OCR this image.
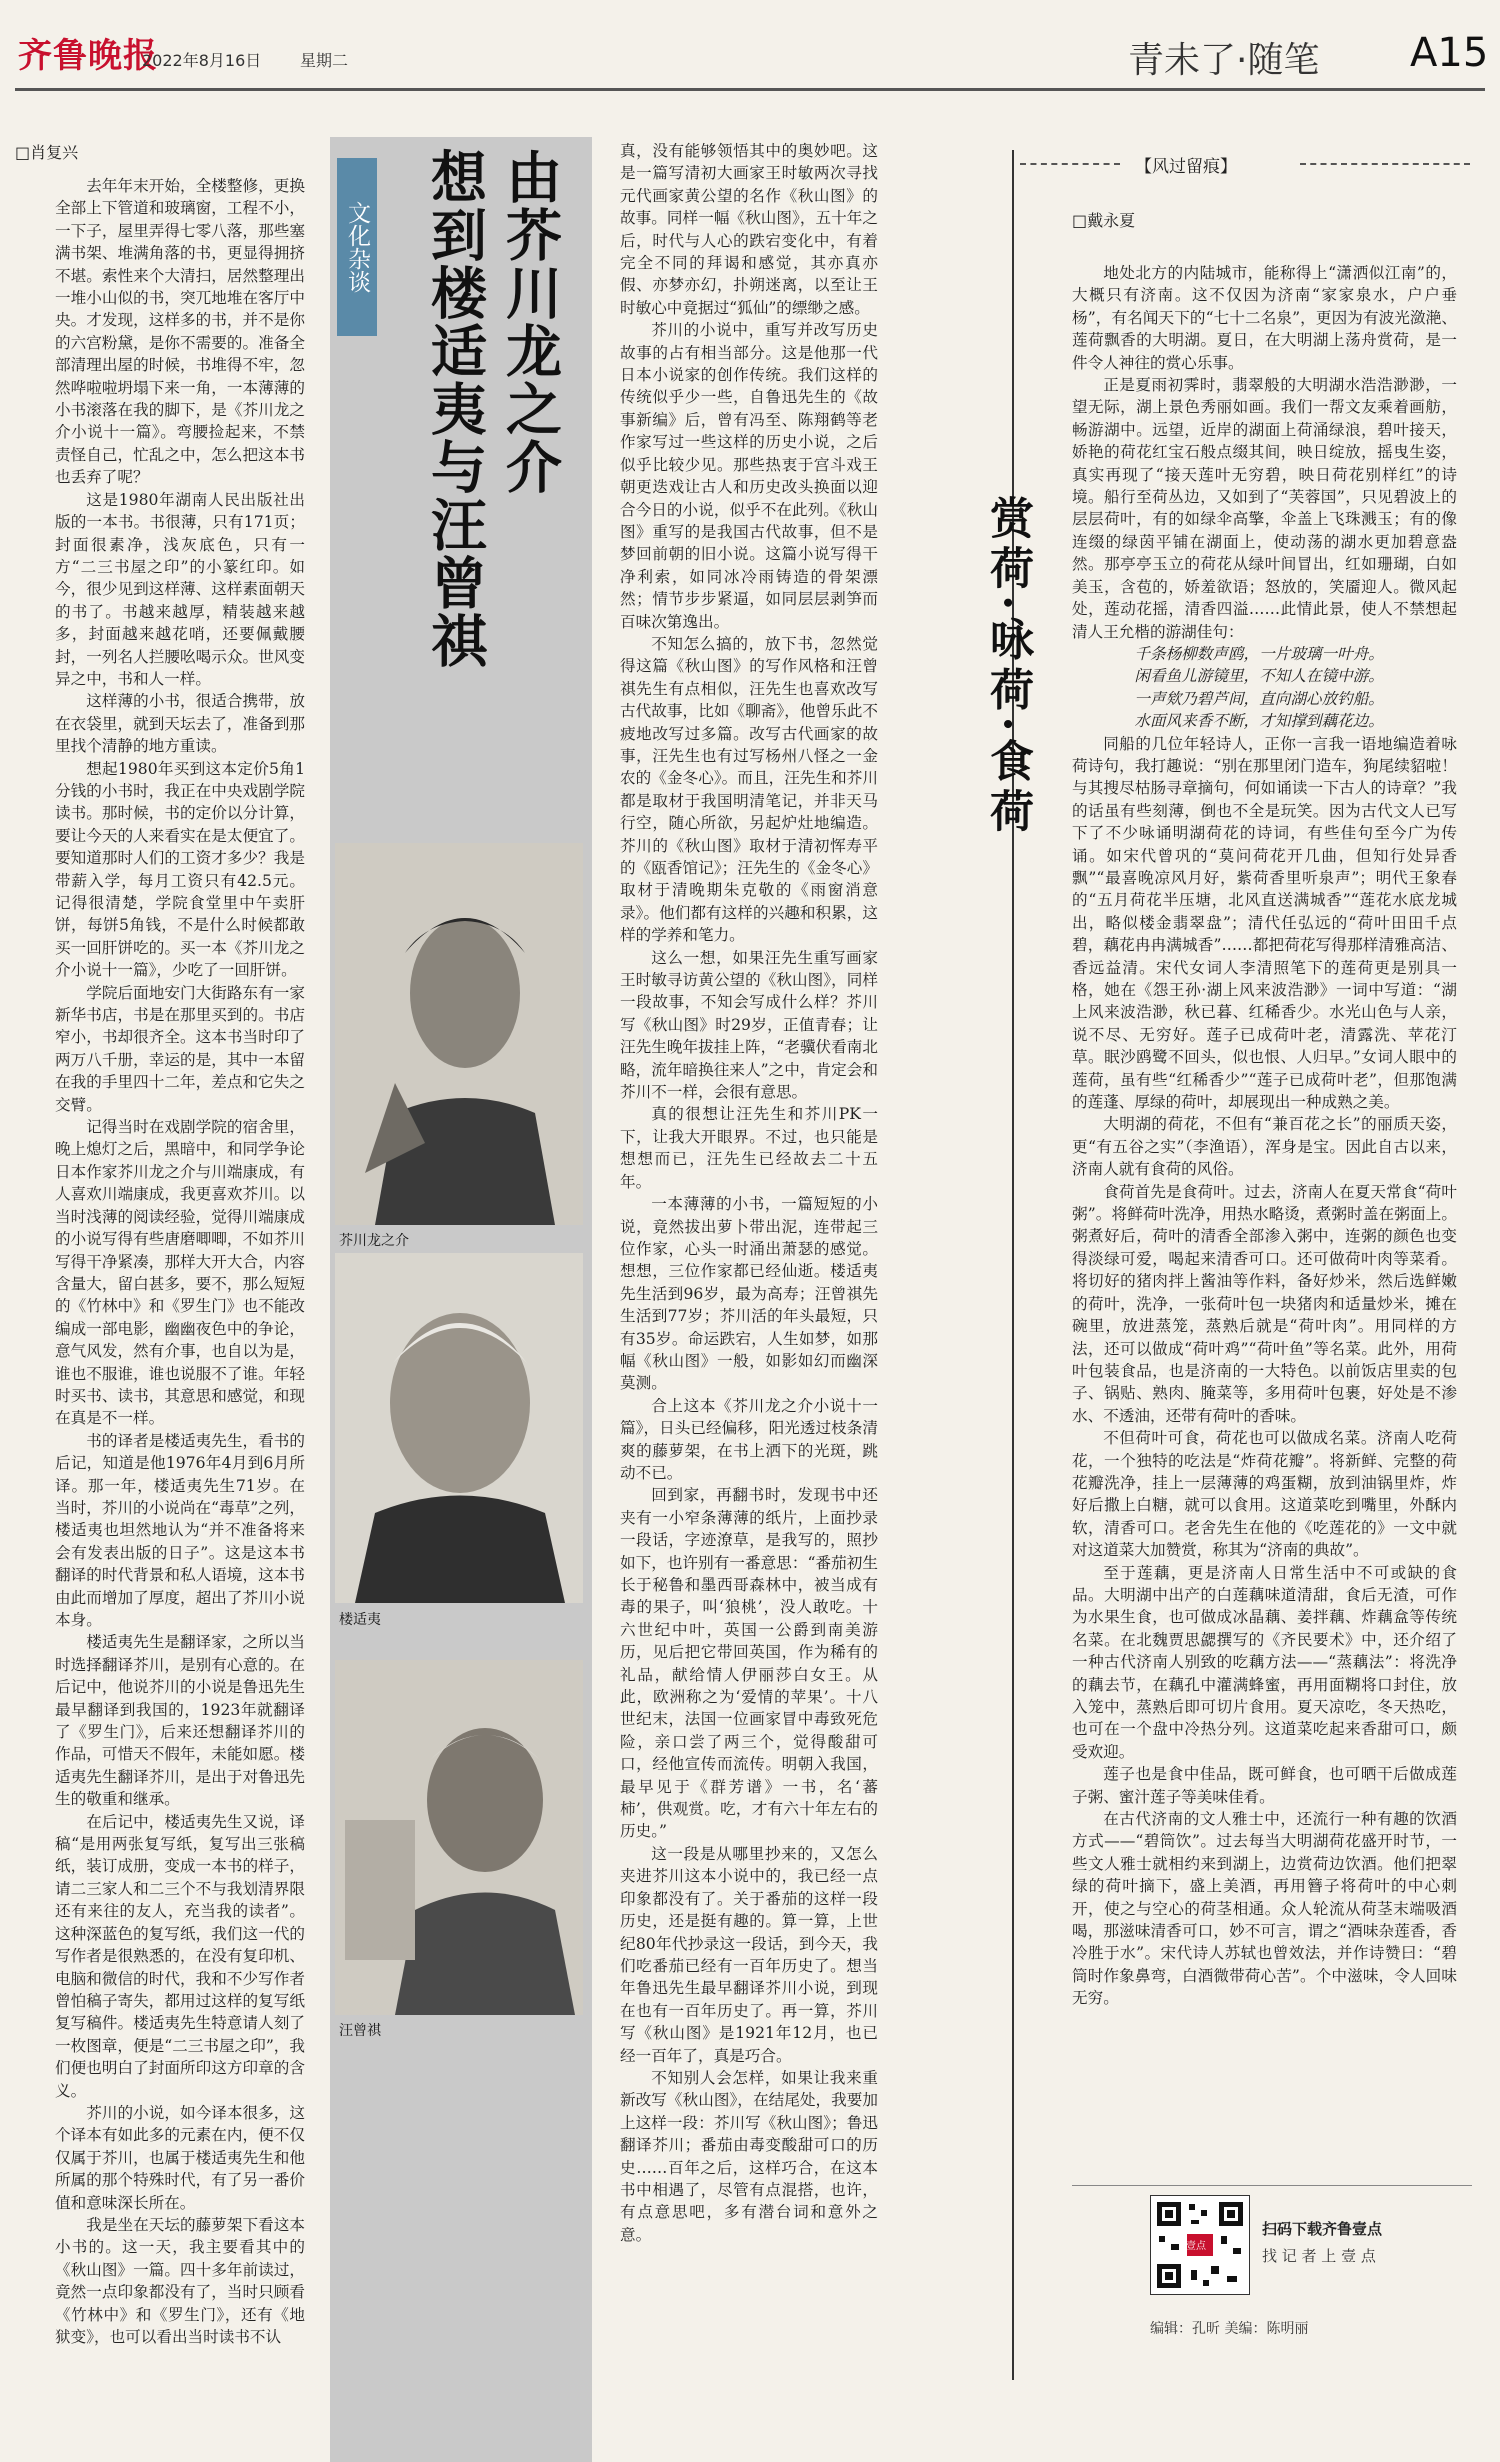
齐鲁晚报
2022年8月16日 星期二	青未了·随笔 A15
□肖复兴

去年年末开始，全楼整修，更换全部上下管道和玻璃窗，工程不小，一下子，屋里弄得七零八落，那些塞满书架、堆满角落的书，更显得拥挤不堪。索性来个大清扫，居然整理出一堆小山似的书，突兀地堆在客厅中央。才发现，这样多的书，并不是你的六宫粉黛，是你不需要的。准备全部清理出屋的时候，书堆得不牢，忽然哗啦啦坍塌下来一角，一本薄薄的小书滚落在我的脚下，是《芥川龙之介小说十一篇》。弯腰捡起来，不禁责怪自己，忙乱之中，怎么把这本书也丢弃了呢？

这是1980年湖南人民出版社出版的一本书。书很薄，只有171页；封面很素净，浅灰底色，只有一方“二三书屋之印”的小篆红印。如今，很少见到这样薄、这样素面朝天的书了。书越来越厚，精装越来越多，封面越来越花哨，还要佩戴腰封，一列名人拦腰吆喝示众。世风变异之中，书和人一样。

这样薄的小书，很适合携带，放在衣袋里，就到天坛去了，准备到那里找个清静的地方重读。

想起1980年买到这本定价5角1分钱的小书时，我正在中央戏剧学院读书。那时候，书的定价以分计算，要让今天的人来看实在是太便宜了。要知道那时人们的工资才多少？我是带薪入学，每月工资只有42.5元。记得很清楚，学院食堂里中午卖肝饼，每饼5角钱，不是什么时候都敢买一回肝饼吃的。买一本《芥川龙之介小说十一篇》，少吃了一回肝饼。

学院后面地安门大街路东有一家新华书店，书是在那里买到的。书店窄小，书却很齐全。这本书当时印了两万八千册，幸运的是，其中一本留在我的手里四十二年，差点和它失之交臂。

记得当时在戏剧学院的宿舍里，晚上熄灯之后，黑暗中，和同学争论日本作家芥川龙之介与川端康成，有人喜欢川端康成，我更喜欢芥川。以当时浅薄的阅读经验，觉得川端康成的小说写得有些唐磨唧唧，不如芥川写得干净紧凑，那样大开大合，内容含量大，留白甚多，要不，那么短短的《竹林中》和《罗生门》也不能改编成一部电影，幽幽夜色中的争论，意气风发，然有介事，也自以为是，谁也不服谁，谁也说服不了谁。年轻时买书、读书，其意思和感觉，和现在真是不一样。

书的译者是楼适夷先生，看书的后记，知道是他1976年4月到6月所译。那一年，楼适夷先生71岁。在当时，芥川的小说尚在“毒草”之列，楼适夷也坦然地认为“并不准备将来会有发表出版的日子”。这是这本书翻译的时代背景和私人语境，这本书由此而增加了厚度，超出了芥川小说本身。

楼适夷先生是翻译家，之所以当时选择翻译芥川，是别有心意的。在后记中，他说芥川的小说是鲁迅先生最早翻译到我国的，1923年就翻译了《罗生门》，后来还想翻译芥川的作品，可惜天不假年，未能如愿。楼适夷先生翻译芥川，是出于对鲁迅先生的敬重和继承。

在后记中，楼适夷先生又说，译稿“是用两张复写纸，复写出三张稿纸，装订成册，变成一本书的样子，请二三家人和二三个不与我划清界限还有来往的友人，充当我的读者”。这种深蓝色的复写纸，我们这一代的写作者是很熟悉的，在没有复印机、电脑和微信的时代，我和不少写作者曾怕稿子寄失，都用过这样的复写纸复写稿件。楼适夷先生特意请人刻了一枚图章，便是“二三书屋之印”，我们便也明白了封面所印这方印章的含义。

芥川的小说，如今译本很多，这个译本有如此多的元素在内，便不仅仅属于芥川，也属于楼适夷先生和他所属的那个特殊时代，有了另一番价值和意味深长所在。

我是坐在天坛的藤萝架下看这本小书的。这一天，我主要看其中的《秋山图》一篇。四十多年前读过，竟然一点印象都没有了，当时只顾看《竹林中》和《罗生门》，还有《地狱变》，也可以看出当时读书不认

文化杂谈 由芥川龙之介
想到楼适夷与汪曾祺
芥川龙之介
楼适夷
汪曾祺

真，没有能够领悟其中的奥妙吧。这是一篇写清初大画家王时敏两次寻找元代画家黄公望的名作《秋山图》的故事。同样一幅《秋山图》，五十年之后，时代与人心的跌宕变化中，有着完全不同的拜谒和感觉，其亦真亦假、亦梦亦幻，扑朔迷离，以至让王时敏心中竟据过“狐仙”的缥缈之感。

芥川的小说中，重写并改写历史故事的占有相当部分。这是他那一代日本小说家的创作传统。我们这样的传统似乎少一些，自鲁迅先生的《故事新编》后，曾有冯至、陈翔鹤等老作家写过一些这样的历史小说，之后似乎比较少见。那些热衷于宫斗戏王朝更迭戏让古人和历史改头换面以迎合今日的小说，似乎不在此列。《秋山图》重写的是我国古代故事，但不是梦回前朝的旧小说。这篇小说写得干净利索，如同冰冷雨铸造的骨架漂然；情节步步紧逼，如同层层剥笋而百味次第逸出。

不知怎么搞的，放下书，忽然觉得这篇《秋山图》的写作风格和汪曾祺先生有点相似，汪先生也喜欢改写古代故事，比如《聊斋》，他曾乐此不疲地改写过多篇。改写古代画家的故事，汪先生也有过写杨州八怪之一金农的《金冬心》。而且，汪先生和芥川都是取材于我国明清笔记，并非天马行空，随心所欲，另起炉灶地编造。芥川的《秋山图》取材于清初恽寿平的《瓯香馆记》；汪先生的《金冬心》取材于清晚期朱克敬的《雨窗消意录》。他们都有这样的兴趣和积累，这样的学养和笔力。

这么一想，如果汪先生重写画家王时敏寻访黄公望的《秋山图》，同样一段故事，不知会写成什么样？芥川写《秋山图》时29岁，正值青春；让汪先生晚年拔挂上阵，“老骥伏看南北略，流年暗换往来人”之中，肯定会和芥川不一样，会很有意思。

真的很想让汪先生和芥川PK一下，让我大开眼界。不过，也只能是想想而已，汪先生已经故去二十五年。

一本薄薄的小书，一篇短短的小说，竟然拔出萝卜带出泥，连带起三位作家，心头一时涌出萧瑟的感觉。想想，三位作家都已经仙逝。楼适夷先生活到96岁，最为高寿；汪曾祺先生活到77岁；芥川活的年头最短，只有35岁。命运跌宕，人生如梦，如那幅《秋山图》一般，如影如幻而幽深莫测。

合上这本《芥川龙之介小说十一篇》，日头已经偏移，阳光透过枝条清爽的藤萝架，在书上洒下的光斑，跳动不已。

回到家，再翻书时，发现书中还夹有一小窄条薄薄的纸片，上面抄录一段话，字迹潦草，是我写的，照抄如下，也许别有一番意思：“番茄初生长于秘鲁和墨西哥森林中，被当成有毒的果子，叫‘狼桃’，没人敢吃。十六世纪中叶，英国一公爵到南美游历，见后把它带回英国，作为稀有的礼品，献给情人伊丽莎白女王。从此，欧洲称之为‘爱情的苹果’。十八世纪末，法国一位画家冒中毒致死危险，亲口尝了两三个，觉得酸甜可口，经他宣传而流传。明朝入我国，最早见于《群芳谱》一书，名‘蕃柿’，供观赏。吃，才有六十年左右的历史。”

这一段是从哪里抄来的，又怎么夹进芥川这本小说中的，我已经一点印象都没有了。关于番茄的这样一段历史，还是挺有趣的。算一算，上世纪80年代抄录这一段话，到今天，我们吃番茄已经有一百年历史了。想当年鲁迅先生最早翻译芥川小说，到现在也有一百年历史了。再一算，芥川写《秋山图》是1921年12月，也已经一百年了，真是巧合。

不知别人会怎样，如果让我来重新改写《秋山图》，在结尾处，我要加上这样一段：芥川写《秋山图》；鲁迅翻译芥川；番茄由毒变酸甜可口的历史……百年之后，这样巧合，在这本书中相遇了，尽管有点混搭，也许，有点意思吧，多有潜台词和意外之意。

【风过留痕】
赏荷·咏荷·食荷
□戴永夏

地处北方的内陆城市，能称得上“潇洒似江南”的，大概只有济南。这不仅因为济南“家家泉水，户户垂杨”，有名闻天下的“七十二名泉”，更因为有波光潋滟、莲荷飘香的大明湖。夏日，在大明湖上荡舟赏荷，是一件令人神往的赏心乐事。

正是夏雨初霁时，翡翠般的大明湖水浩浩渺渺，一望无际，湖上景色秀丽如画。我们一帮文友乘着画舫，畅游湖中。远望，近岸的湖面上荷涌绿浪，碧叶接天，娇艳的荷花红宝石般点缀其间，映日绽放，摇曳生姿，真实再现了“接天莲叶无穷碧，映日荷花别样红”的诗境。船行至荷丛边，又如到了“芙蓉国”，只见碧波上的层层荷叶，有的如绿伞高擎，伞盖上飞珠溅玉；有的像连缀的绿茵平铺在湖面上，使动荡的湖水更加碧意盎然。那亭亭玉立的荷花从绿叶间冒出，红如珊瑚，白如美玉，含苞的，娇羞欲语；怒放的，笑靥迎人。微风起处，莲动花摇，清香四溢……此情此景，使人不禁想起清人王允楷的游湖佳句：

千条杨柳数声鸥，一片玻璃一叶舟。

闲看鱼儿游镜里，不知人在镜中游。

一声欸乃碧芦间，直向湖心放钓船。

水面风来香不断，才知撑到藕花边。

同船的几位年轻诗人，正你一言我一语地编造着咏荷诗句，我打趣说：“别在那里闭门造车，狗尾续貂啦！与其搜尽枯肠寻章摘句，何如诵读一下古人的诗章？”我的话虽有些刻薄，倒也不全是玩笑。因为古代文人已写下了不少咏诵明湖荷花的诗词，有些佳句至今广为传诵。如宋代曾巩的“莫问荷花开几曲，但知行处异香飘”“最喜晚凉风月好，紫荷香里听泉声”；明代王象春的“五月荷花半压塘，北风直送满城香”“莲花水底龙城出，略似楼金翡翠盘”；清代任弘远的“荷叶田田千点碧，藕花冉冉满城香”……都把荷花写得那样清雅高洁、香远益清。宋代女词人李清照笔下的莲荷更是别具一格，她在《怨王孙·湖上风来波浩渺》一词中写道：“湖上风来波浩渺，秋已暮、红稀香少。水光山色与人亲，说不尽、无穷好。莲子已成荷叶老，清露洗、苹花汀草。眠沙鸥鹭不回头，似也恨、人归早。”女词人眼中的莲荷，虽有些“红稀香少”“莲子已成荷叶老”，但那饱满的莲蓬、厚绿的荷叶，却展现出一种成熟之美。

大明湖的荷花，不但有“兼百花之长”的丽质天姿，更“有五谷之实”（李渔语），浑身是宝。因此自古以来，济南人就有食荷的风俗。

食荷首先是食荷叶。过去，济南人在夏天常食“荷叶粥”。将鲜荷叶洗净，用热水略烫，煮粥时盖在粥面上。粥煮好后，荷叶的清香全部渗入粥中，连粥的颜色也变得淡绿可爱，喝起来清香可口。还可做荷叶肉等菜肴。将切好的猪肉拌上酱油等作料，备好炒米，然后选鲜嫩的荷叶，洗净，一张荷叶包一块猪肉和适量炒米，摊在碗里，放进蒸笼，蒸熟后就是“荷叶肉”。用同样的方法，还可以做成“荷叶鸡”“荷叶鱼”等名菜。此外，用荷叶包装食品，也是济南的一大特色。以前饭店里卖的包子、锅贴、熟肉、腌菜等，多用荷叶包裹，好处是不渗水、不透油，还带有荷叶的香味。

不但荷叶可食，荷花也可以做成名菜。济南人吃荷花，一个独特的吃法是“炸荷花瓣”。将新鲜、完整的荷花瓣洗净，挂上一层薄薄的鸡蛋糊，放到油锅里炸，炸好后撒上白糖，就可以食用。这道菜吃到嘴里，外酥内软，清香可口。老舍先生在他的《吃莲花的》一文中就对这道菜大加赞赏，称其为“济南的典故”。

至于莲藕，更是济南人日常生活中不可或缺的食品。大明湖中出产的白莲藕味道清甜，食后无渣，可作为水果生食，也可做成冰晶藕、姜拌藕、炸藕盒等传统名菜。在北魏贾思勰撰写的《齐民要术》中，还介绍了一种古代济南人别致的吃藕方法——“蒸藕法”：将洗净的藕去节，在藕孔中灌满蜂蜜，再用面糊将口封住，放入笼中，蒸熟后即可切片食用。夏天凉吃，冬天热吃，也可在一个盘中冷热分列。这道菜吃起来香甜可口，颇受欢迎。

莲子也是食中佳品，既可鲜食，也可晒干后做成莲子粥、蜜汁莲子等美味佳肴。

在古代济南的文人雅士中，还流行一种有趣的饮酒方式——“碧筒饮”。过去每当大明湖荷花盛开时节，一些文人雅士就相约来到湖上，边赏荷边饮酒。他们把翠绿的荷叶摘下，盛上美酒，再用簪子将荷叶的中心刺开，使之与空心的荷茎相通。众人轮流从荷茎末端吸酒喝，那滋味清香可口，妙不可言，谓之“酒味杂莲香，香冷胜于水”。宋代诗人苏轼也曾效法，并作诗赞曰：“碧筒时作象鼻弯，白酒微带荷心苦”。个中滋味，令人回味无穷。

壹点
扫码下载齐鲁壹点
找 记 者 上 壹 点
编辑：孔昕 美编：陈明丽
